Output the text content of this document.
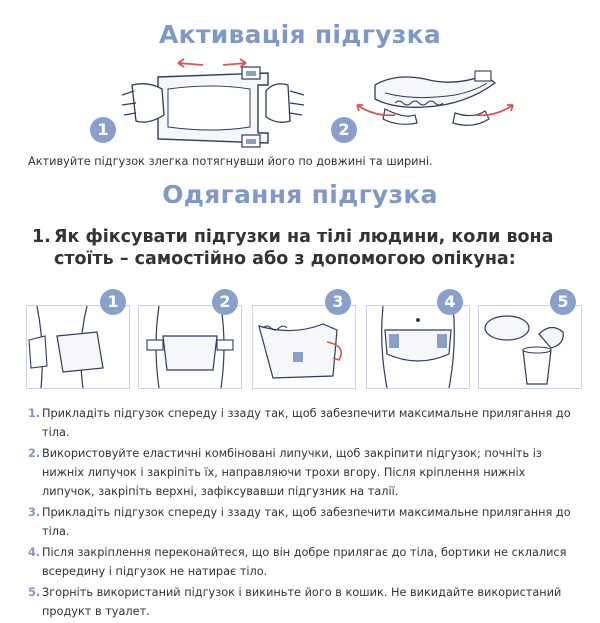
Активація підгузка
1	2
Активуйте підгузок злегка потягнувши його по довжині та ширині.
Одягання підгузка
1. Як фіксувати підгузки на тілі людини, коли вона
стоїть – самостійно або з допомогою опікуна:
1	2	3	4	5
1. Прикладіть підгузок спереду і ззаду так, щоб забезпечити максимальне прилягання до тіла.
2. Використовуйте еластичні комбіновані липучки, щоб закріпити підгузок; почніть із нижніх липучок і закріпіть їх, направляючи трохи вгору. Після кріплення нижніх липучок, закріпіть верхні, зафіксувавши підгузник на талії.
3. Прикладіть підгузок спереду і ззаду так, щоб забезпечити максимальне прилягання до тіла.
4. Після закріплення переконайтеся, що він добре прилягає до тіла, бортики не склалися всередину і підгузок не натирає тіло.
5. Згорніть використаний підгузок і викиньте його в кошик. Не викидайте використаний продукт в туалет.
